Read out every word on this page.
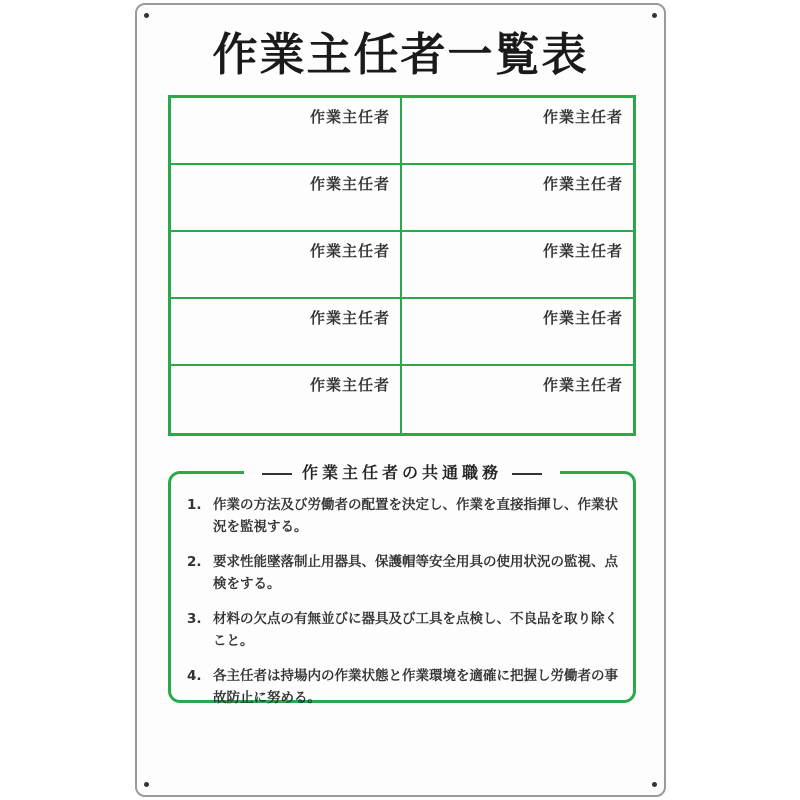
作業主任者一覧表
作業主任者	作業主任者
作業主任者	作業主任者
作業主任者	作業主任者
作業主任者	作業主任者
作業主任者	作業主任者
作業主任者の共通職務
1. 作業の方法及び労働者の配置を決定し、作業を直接指揮し、作業状況を監視する。
2. 要求性能墜落制止用器具、保護帽等安全用具の使用状況の監視、点検をする。
3. 材料の欠点の有無並びに器具及び工具を点検し、不良品を取り除くこと。
4. 各主任者は持場内の作業状態と作業環境を適確に把握し労働者の事故防止に努める。
